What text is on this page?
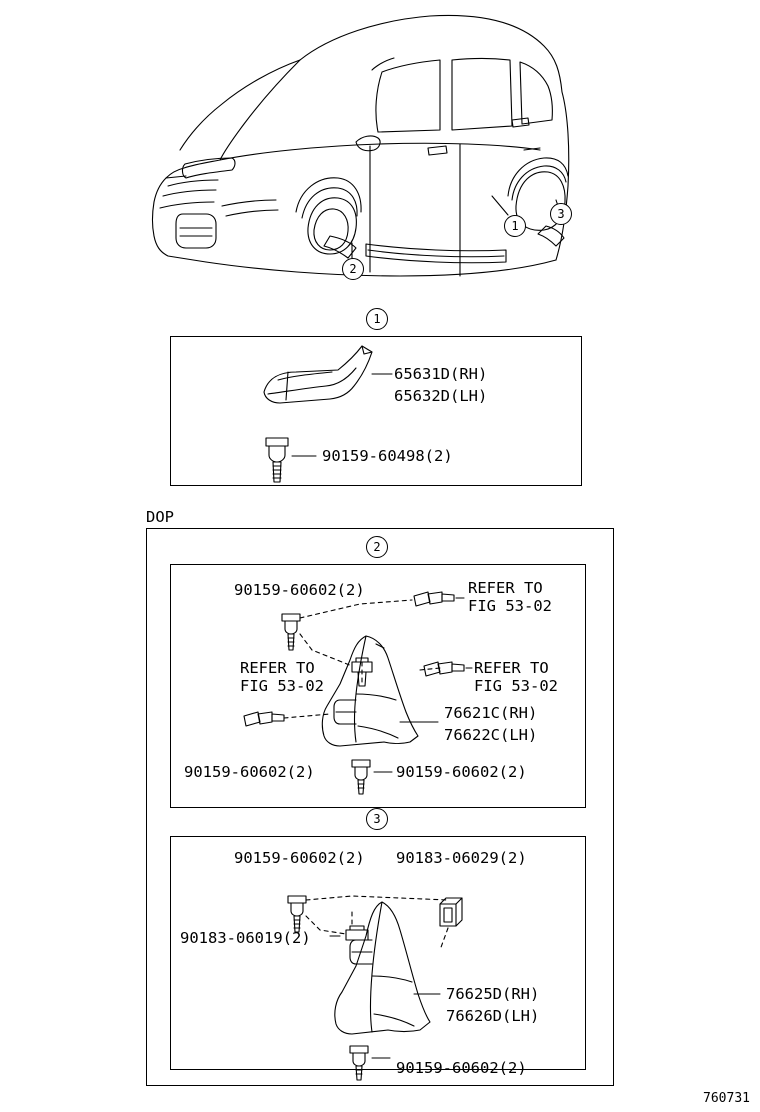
1
2
3
1
65631D(RH)
65632D(LH)
90159-60498(2)
DOP
2
90159-60602(2)	REFER TO
FIG 53-02
REFER TO
FIG 53-02
REFER TO
FIG 53-02
76621C(RH)
76622C(LH)
90159-60602(2)	90159-60602(2)
3
90159-60602(2) 90183-06029(2)
90183-06019(2)
76625D(RH)
76626D(LH)
90159-60602(2)
760731
